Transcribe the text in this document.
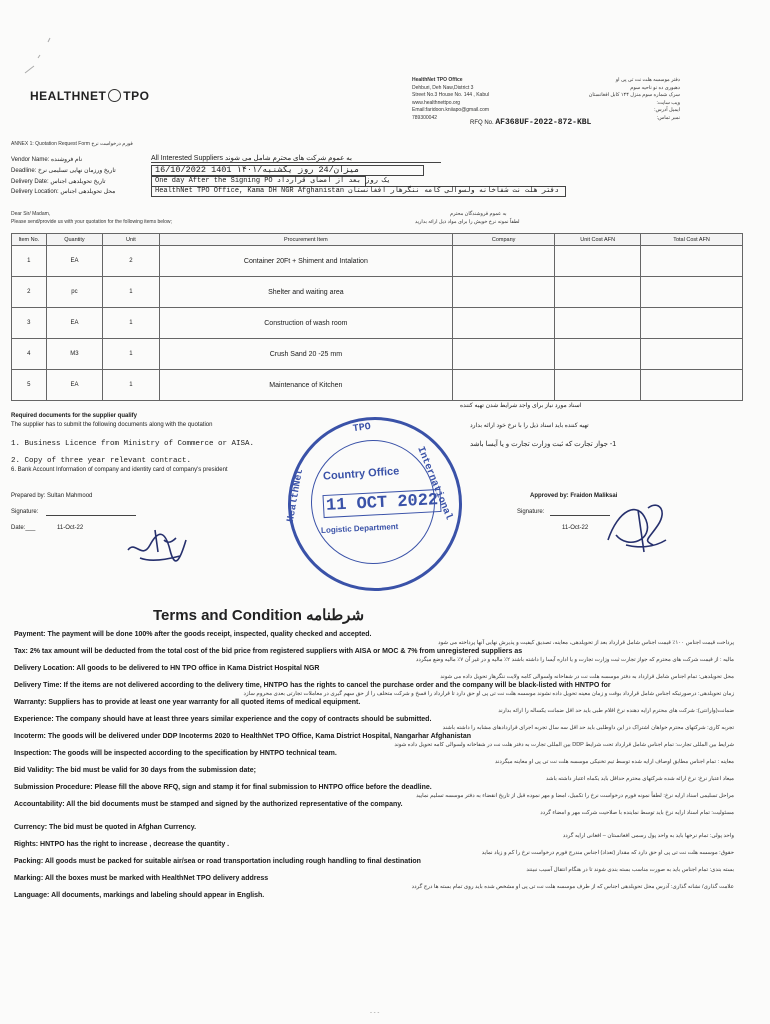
HEALTHNET TPO
HealthNet TPO Office
Dehburi, Deh Naw,District 3
Street No.3 House No. 144 , Kabul
www.healthnettpo.org
Email:faridoon.kniiapo@gmail.com
789300042
دفتر موسسه هلت نت تی پی او
دهبوری ده نو ناحیه سوم
سرک شماره سوم منزل ۱۴۴ کابل افغانستان
ویب سایت:
ایمیل آدرس:
نمبر تماس:
RFQ No. AF368UF-2022-872-KBL
ANNEX 1: Quotation Request Form فورم درخواست نرخ
Vendor Name: نام فروشنده	All Interested Suppliers به عموم شرکت های محترم شامل می شوند
Deadline: تاریخ ورزمان نهایی تسلیمی نرخ	16/10/2022 1401 ۱۴۰۱/میزان/24 روز یکشنبه
Delivery Date: تاریخ تحویلدهی اجناس	One day After the Signing PO یک روز بعد از امضای قرارداد
Delivery Location: محل تحویلدهی اجناس	HealthNet TPO Office, Kama DH NGR Afghanistan دفتر هلت نت شفاخانه ولسوالی کامه ننگرهار افغانستان
Dear Sir/ Madam,
Please send/provide us with your quotation for the following items below;
به عموم فروشندگان محترم
لطفاً نمونه نرخ خویش را برای مواد ذیل ارائه بدارید
Item No.	Quantity	Unit	Procurement Item	Company	Unit Cost AFN	Total Cost AFN
1	EA	2	Container 20Ft + Shiment and Intalation			
2	pc	1	Shelter and waiting area			
3	EA	1	Construction of wash room			
4	M3	1	Crush Sand 20 -25 mm			
5	EA	1	Maintenance of Kitchen			
Required documents for the supplier qualify
The supplier has to submit the following documents along with the quotation
اسناد مورد نیاز برای واجد شرایط شدن تهیه کننده
تهیه کننده باید اسناد ذیل را با نرخ خود ارائه بدارد
1. Business Licence from Ministry of Commerce or AISA.	1- جواز تجارت که ثبت وزارت تجارت و یا آیسا باشد
2. Copy of three year relevant contract.
6. Bank Account Information of company and identity card of company's president
Prepared by: Sultan Mahmood	Approved by: Fraidon Maliksai
Signature:	Signature:
Date:___	11-Oct-22	11-Oct-22
TPO
International
HealthNet Country Office
11 OCT 2022
Logistic Department
Terms and Condition شرطنامه
Payment: The payment will be done 100% after the goods receipt, inspected, quality checked and accepted.
پرداخت قیمت اجناس ۱۰۰٪ قیمت اجناس شامل قرارداد بعد از تحویلدهی، معاینه، تصدیق کیفیت و پذیرش نهایی آنها پرداخته می شود
Tax: 2% tax amount will be deducted from the total cost of the bid price from registered suppliers with AISA or MOC & 7% from unregistered suppliers as
مالیه : از قیمت شرکت های محترم که جواز تجارت ثبت وزارت تجارت و یا اداره آیسا را داشته باشند ۲٪ مالیه و در غیر آن ۷٪ مالیه وضع میگردد
Delivery Location: All goods to be delivered to HN TPO office in Kama District Hospital NGR
محل تحویلدهی: تمام اجناس شامل قرارداد به دفتر موسسه هلت نت در شفاخانه ولسوالی کامه ولایت ننگرهار تحویل داده می شوند
Delivery Time: If the items are not delivered according to the delivery time, HNTPO has the rights to cancel the purchase order and the company will be black-listed with HNTPO for
زمان تحویلدهی: درصورتیکه اجناس شامل قرارداد بوقت و زمان معینه تحویل داده نشوند موسسه هلت نت تی پی او حق دارد تا قرارداد را فسخ و شرکت متخلف را از حق سهم گیری در معاملات تجارتی بعدی محروم سازد
Warranty: Suppliers has to provide at least one year warranty for all quoted items of medical equipment.
ضمانت(وارانتی): شرکت های محترم ارایه دهنده نرخ اقلام طبی باید حد اقل ضمانت یکساله را ارائه بدارند
Experience: The company should have at least three years similar experience and the copy of contracts should be submitted.
تجربه کاری: شرکتهای محترم خواهان اشتراک در این داوطلبی باید حد اقل سه سال تجربه اجرای قراردادهای مشابه را داشته باشند
Incoterm: The goods will be delivered under DDP Incoterms 2020 to HealthNet TPO Office, Kama District Hospital, Nangarhar Afghanistan
شرایط بین المللی تجارت: تمام اجناس شامل قرارداد تحت شرایط DDP بین المللی تجارت به دفتر هلت نت در شفاخانه ولسوالی کامه تحویل داده شوند
Inspection: The goods will be inspected according to the specification by HNTPO technical team.
معاینه : تمام اجناس مطابق اوصاف ارایه شده توسط تیم تخنیکی موسسه هلت نت تی پی او معاینه میگردند
Bid Validity: The bid must be valid for 30 days from the submission date;
میعاد اعتبار نرخ: نرخ ارائه شده شرکتهای محترم حداقل باید یکماه اعتبار داشته باشد
Submission Procedure: Please fill the above RFQ, sign and stamp it for final submission to HNTPO office before the deadline.
مراحل تسلیمی اسناد ارایه نرخ: لطفاً نمونه فورم درخواست نرخ را تکمیل، امضا و مهر نموده قبل از تاریخ انقضاء به دفتر موسسه تسلیم نمایید
Accountability: All the bid documents must be stamped and signed by the authorized representative of the company.
مسئولیت: تمام اسناد ارایه نرخ باید توسط نماینده با صلاحیت شرکت مهر و امضاء گردد
Currency: The bid must be quoted in Afghan Currency.
واحد پولی: تمام نرخها باید به واحد پول رسمی افغانستان – افغانی ارایه گردد
Rights: HNTPO has the right to increase , decrease the quantity .
حقوق: موسسه هلت نت تی پی او حق دارد که مقدار (تعداد) اجناس مندرج فورم درخواست نرخ را کم و زیاد نماید
Packing: All goods must be packed for suitable air/sea or road transportation including rough handling to final destination
بسته بندی: تمام اجناس باید به صورت مناسب بسته بندی شوند تا در هنگام انتقال آسیب نبینند
Marking: All the boxes must be marked with HealthNet TPO delivery address
علامت گذاری/ نشانه گذاری: آدرس محل تحویلدهی اجناس که از طرف موسسه هلت نت تی پی او مشخص شده باید روی تمام بسته ها درج گردد
Language: All documents, markings and labeling should appear in English.
- - -
